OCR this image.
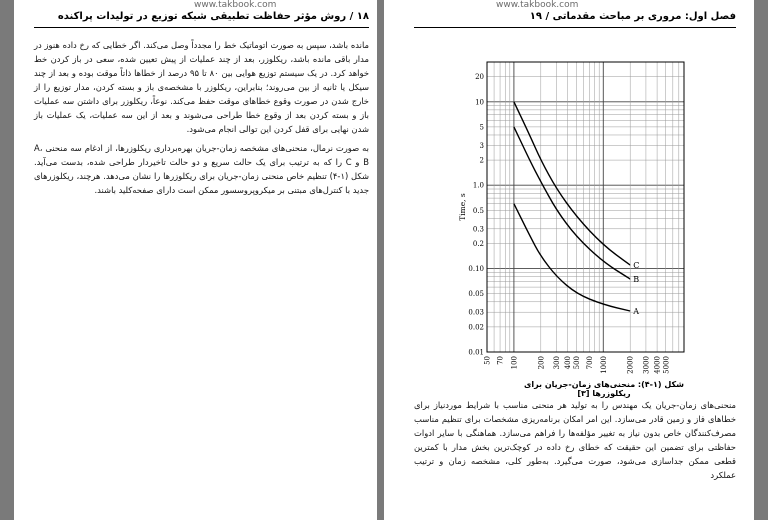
www.takbook.com
۱۸ / روش مؤثر حفاظت تطبیقی شبکه توزیع در تولیدات پراکنده

مانده باشد، سپس به صورت اتوماتیک خط را مجدداً وصل می‌کند. اگر خطایی که رخ داده هنوز در مدار باقی مانده باشد، ریکلوزر، بعد از چند عملیات از پیش تعیین شده، سعی در باز کردن خط خواهد کرد. در یک سیستم توزیع هوایی بین ۸۰ تا ۹۵ درصد از خطاها ذاتاً موقت بوده و بعد از چند سیکل یا ثانیه از بین می‌روند؛ بنابراین، ریکلوزر با مشخصه‌ی باز و بسته کردن، مدار توزیع را از خارج شدن در صورت وقوع خطاهای موقت حفظ می‌کند. نوعاً، ریکلوزر برای داشتن سه عملیات باز و بسته کردن بعد از وقوع خطا طراحی می‌شوند و بعد از این سه عملیات، یک عملیات باز شدن نهایی برای قفل کردن این توالی انجام می‌شود.

به صورت نرمال، منحنی‌های مشخصه زمان-جریان بهره‌برداری ریکلوزرها، از ادغام سه منحنی A، B و C را که به ترتیب برای یک حالت سریع و دو حالت تاخیردار طراحی شده، بدست می‌آید. شکل (۱-۴) تنظیم خاص منحنی زمان-جریان برای ریکلوزرها را نشان می‌دهد. هرچند، ریکلوزرهای جدید با کنترل‌های مبتنی بر میکروپروسسور ممکن است دارای صفحه‌کلید باشند.

www.takbook.com
فصل اول: مروری بر مباحث مقدماتی / ۱۹
20
10
5
3
2
1.0
0.5
0.3
0.2
0.10
0.05
0.03
0.02
0.01
50 70 100	200 300 400 500 700 1000	2000 3000 4000 5000
Time, s
A
B
C
شکل (۱-۴): منحنی‌های زمان-جریان برای ریکلوزرها [۳]

منحنی‌های زمان-جریان یک مهندس را به تولید هر منحنی مناسب با شرایط موردنیاز برای خطاهای فاز و زمین قادر می‌سازد. این امر امکان برنامه‌ریزی مشخصات برای تنظیم مناسب مصرف‌کنندگان خاص بدون نیاز به تغییر مؤلفه‌ها را فراهم می‌سازد. هماهنگی با سایر ادوات حفاظتی برای تضمین این حقیقت که خطای رخ داده در کوچک‌ترین بخش مدار با کمترین قطعی ممکن جداسازی می‌شود، صورت می‌گیرد. به‌طور کلی، مشخصه زمان و ترتیب عملکرد
